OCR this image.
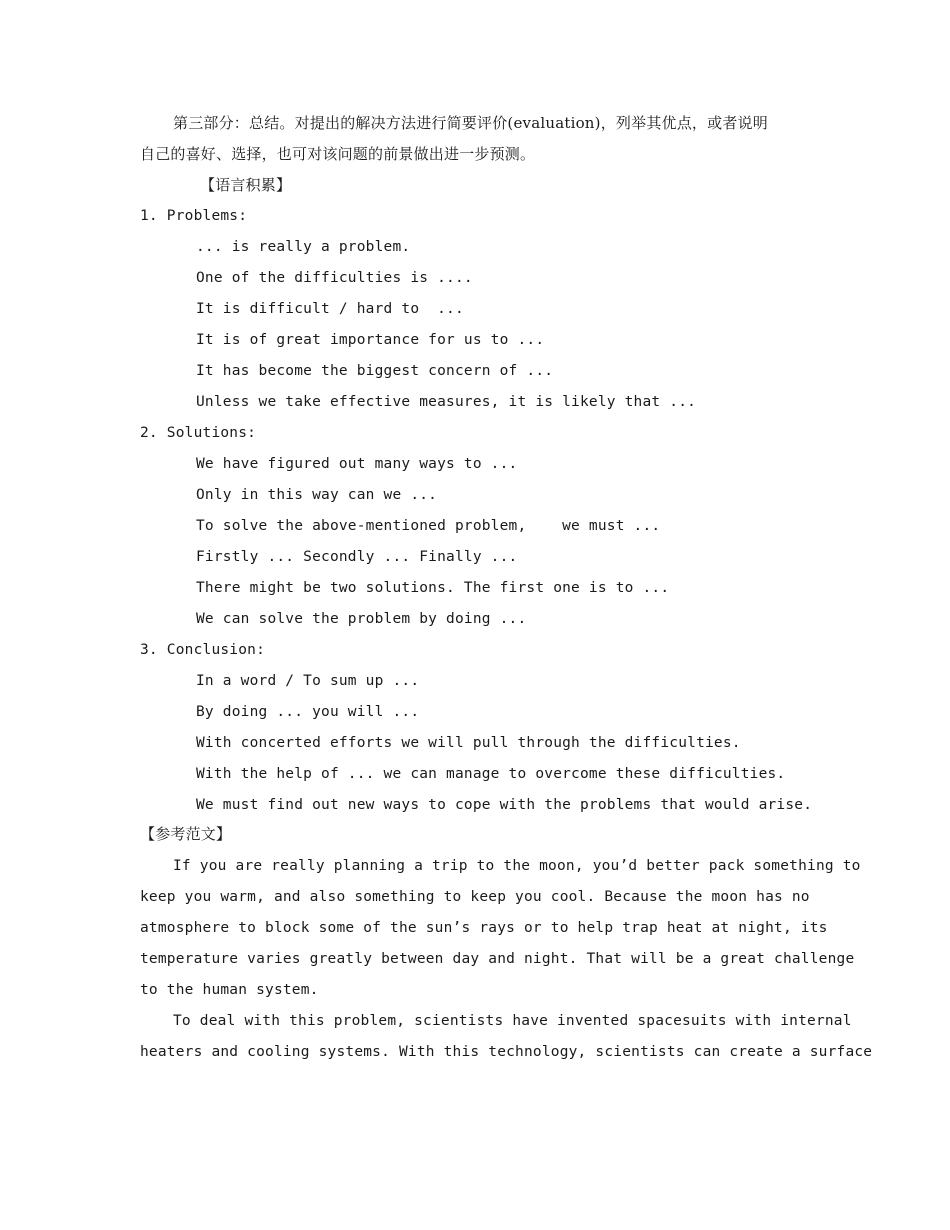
第三部分：总结。对提出的解决方法进行简要评价(evaluation)，列举其优点，或者说明
自己的喜好、选择，也可对该问题的前景做出进一步预测。
【语言积累】
1. Problems:
... is really a problem.
One of the difficulties is ....
It is difficult / hard to  ...
It is of great importance for us to ...
It has become the biggest concern of ...
Unless we take effective measures, it is likely that ...
2. Solutions:
We have figured out many ways to ...
Only in this way can we ...
To solve the above-mentioned problem,    we must ...
Firstly ... Secondly ... Finally ...
There might be two solutions. The first one is to ...
We can solve the problem by doing ...
3. Conclusion:
In a word / To sum up ...
By doing ... you will ...
With concerted efforts we will pull through the difficulties.
With the help of ... we can manage to overcome these difficulties.
We must find out new ways to cope with the problems that would arise.
【参考范文】
If you are really planning a trip to the moon, you’d better pack something to
keep you warm, and also something to keep you cool. Because the moon has no
atmosphere to block some of the sun’s rays or to help trap heat at night, its
temperature varies greatly between day and night. That will be a great challenge
to the human system.
To deal with this problem, scientists have invented spacesuits with internal
heaters and cooling systems. With this technology, scientists can create a surface
